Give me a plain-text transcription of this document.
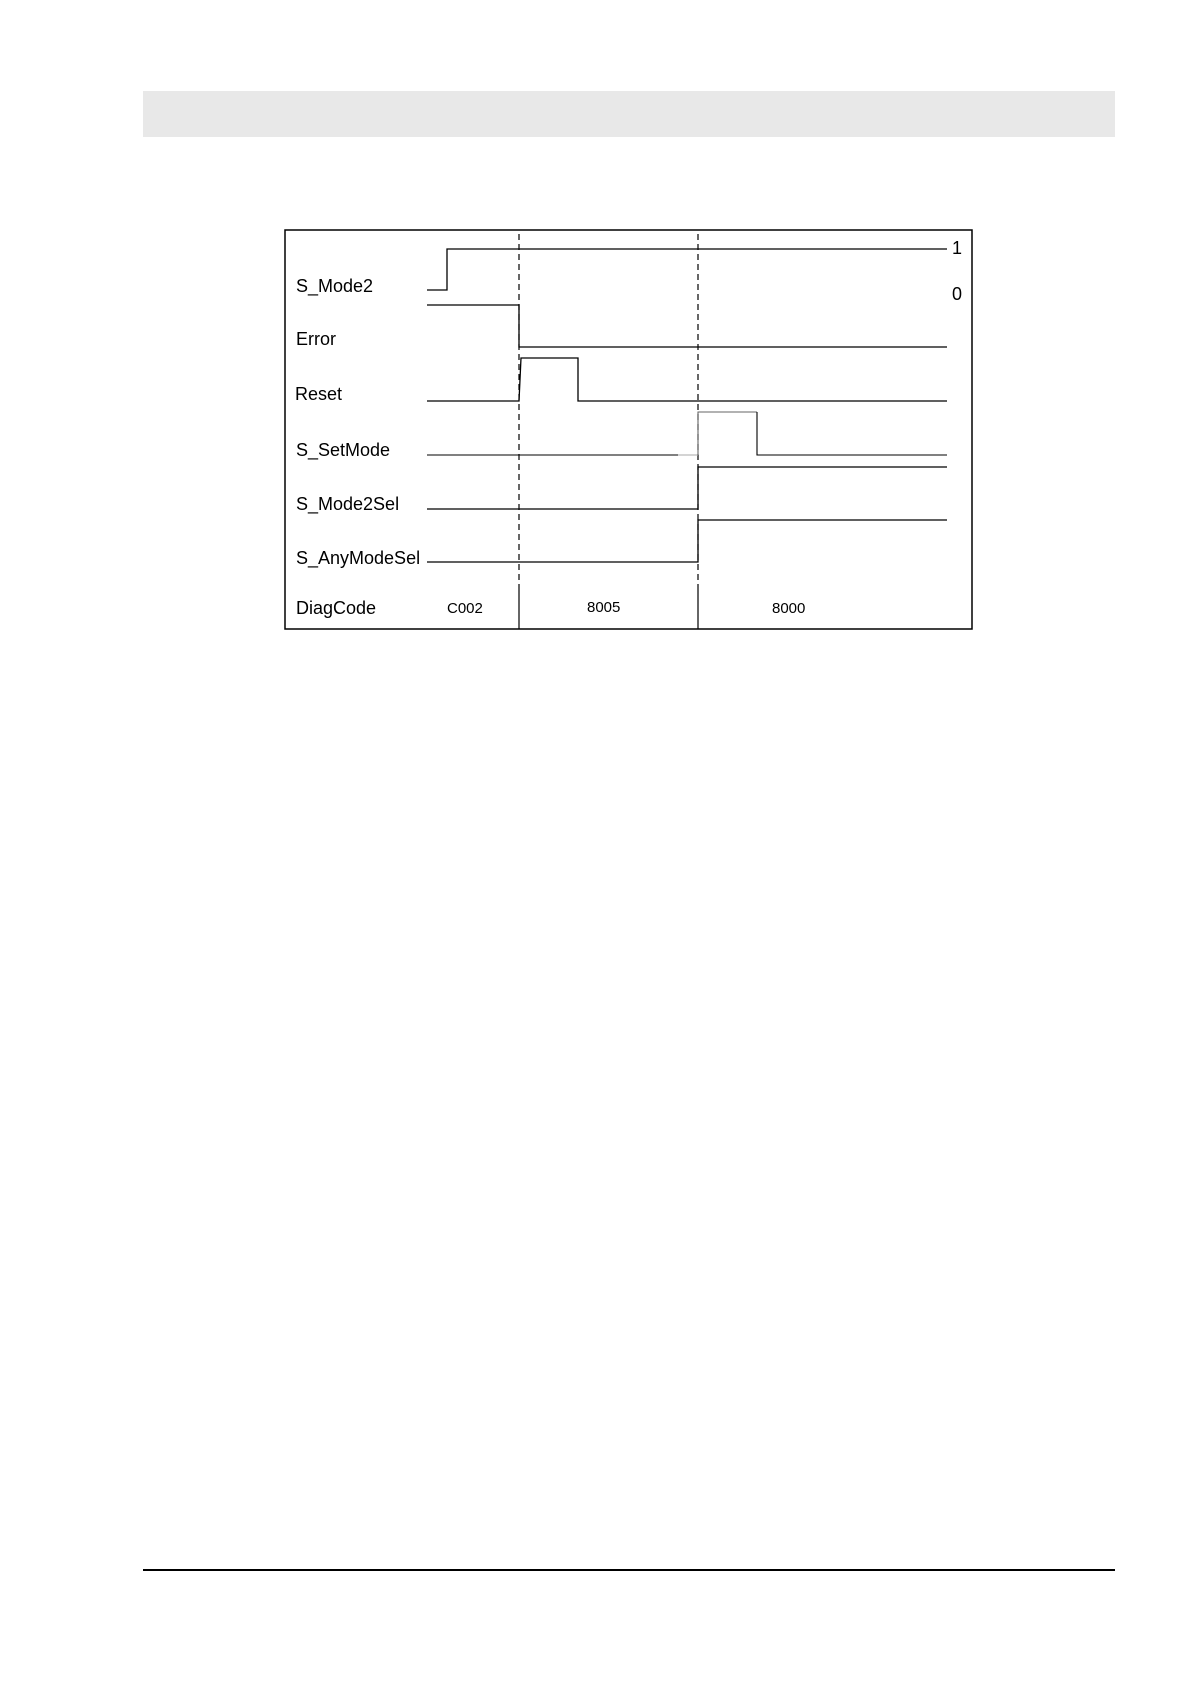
S_Mode2
Error
Reset
S_SetMode
S_Mode2Sel
S_AnyModeSel
DiagCode
1
0
C002	8005	8000
